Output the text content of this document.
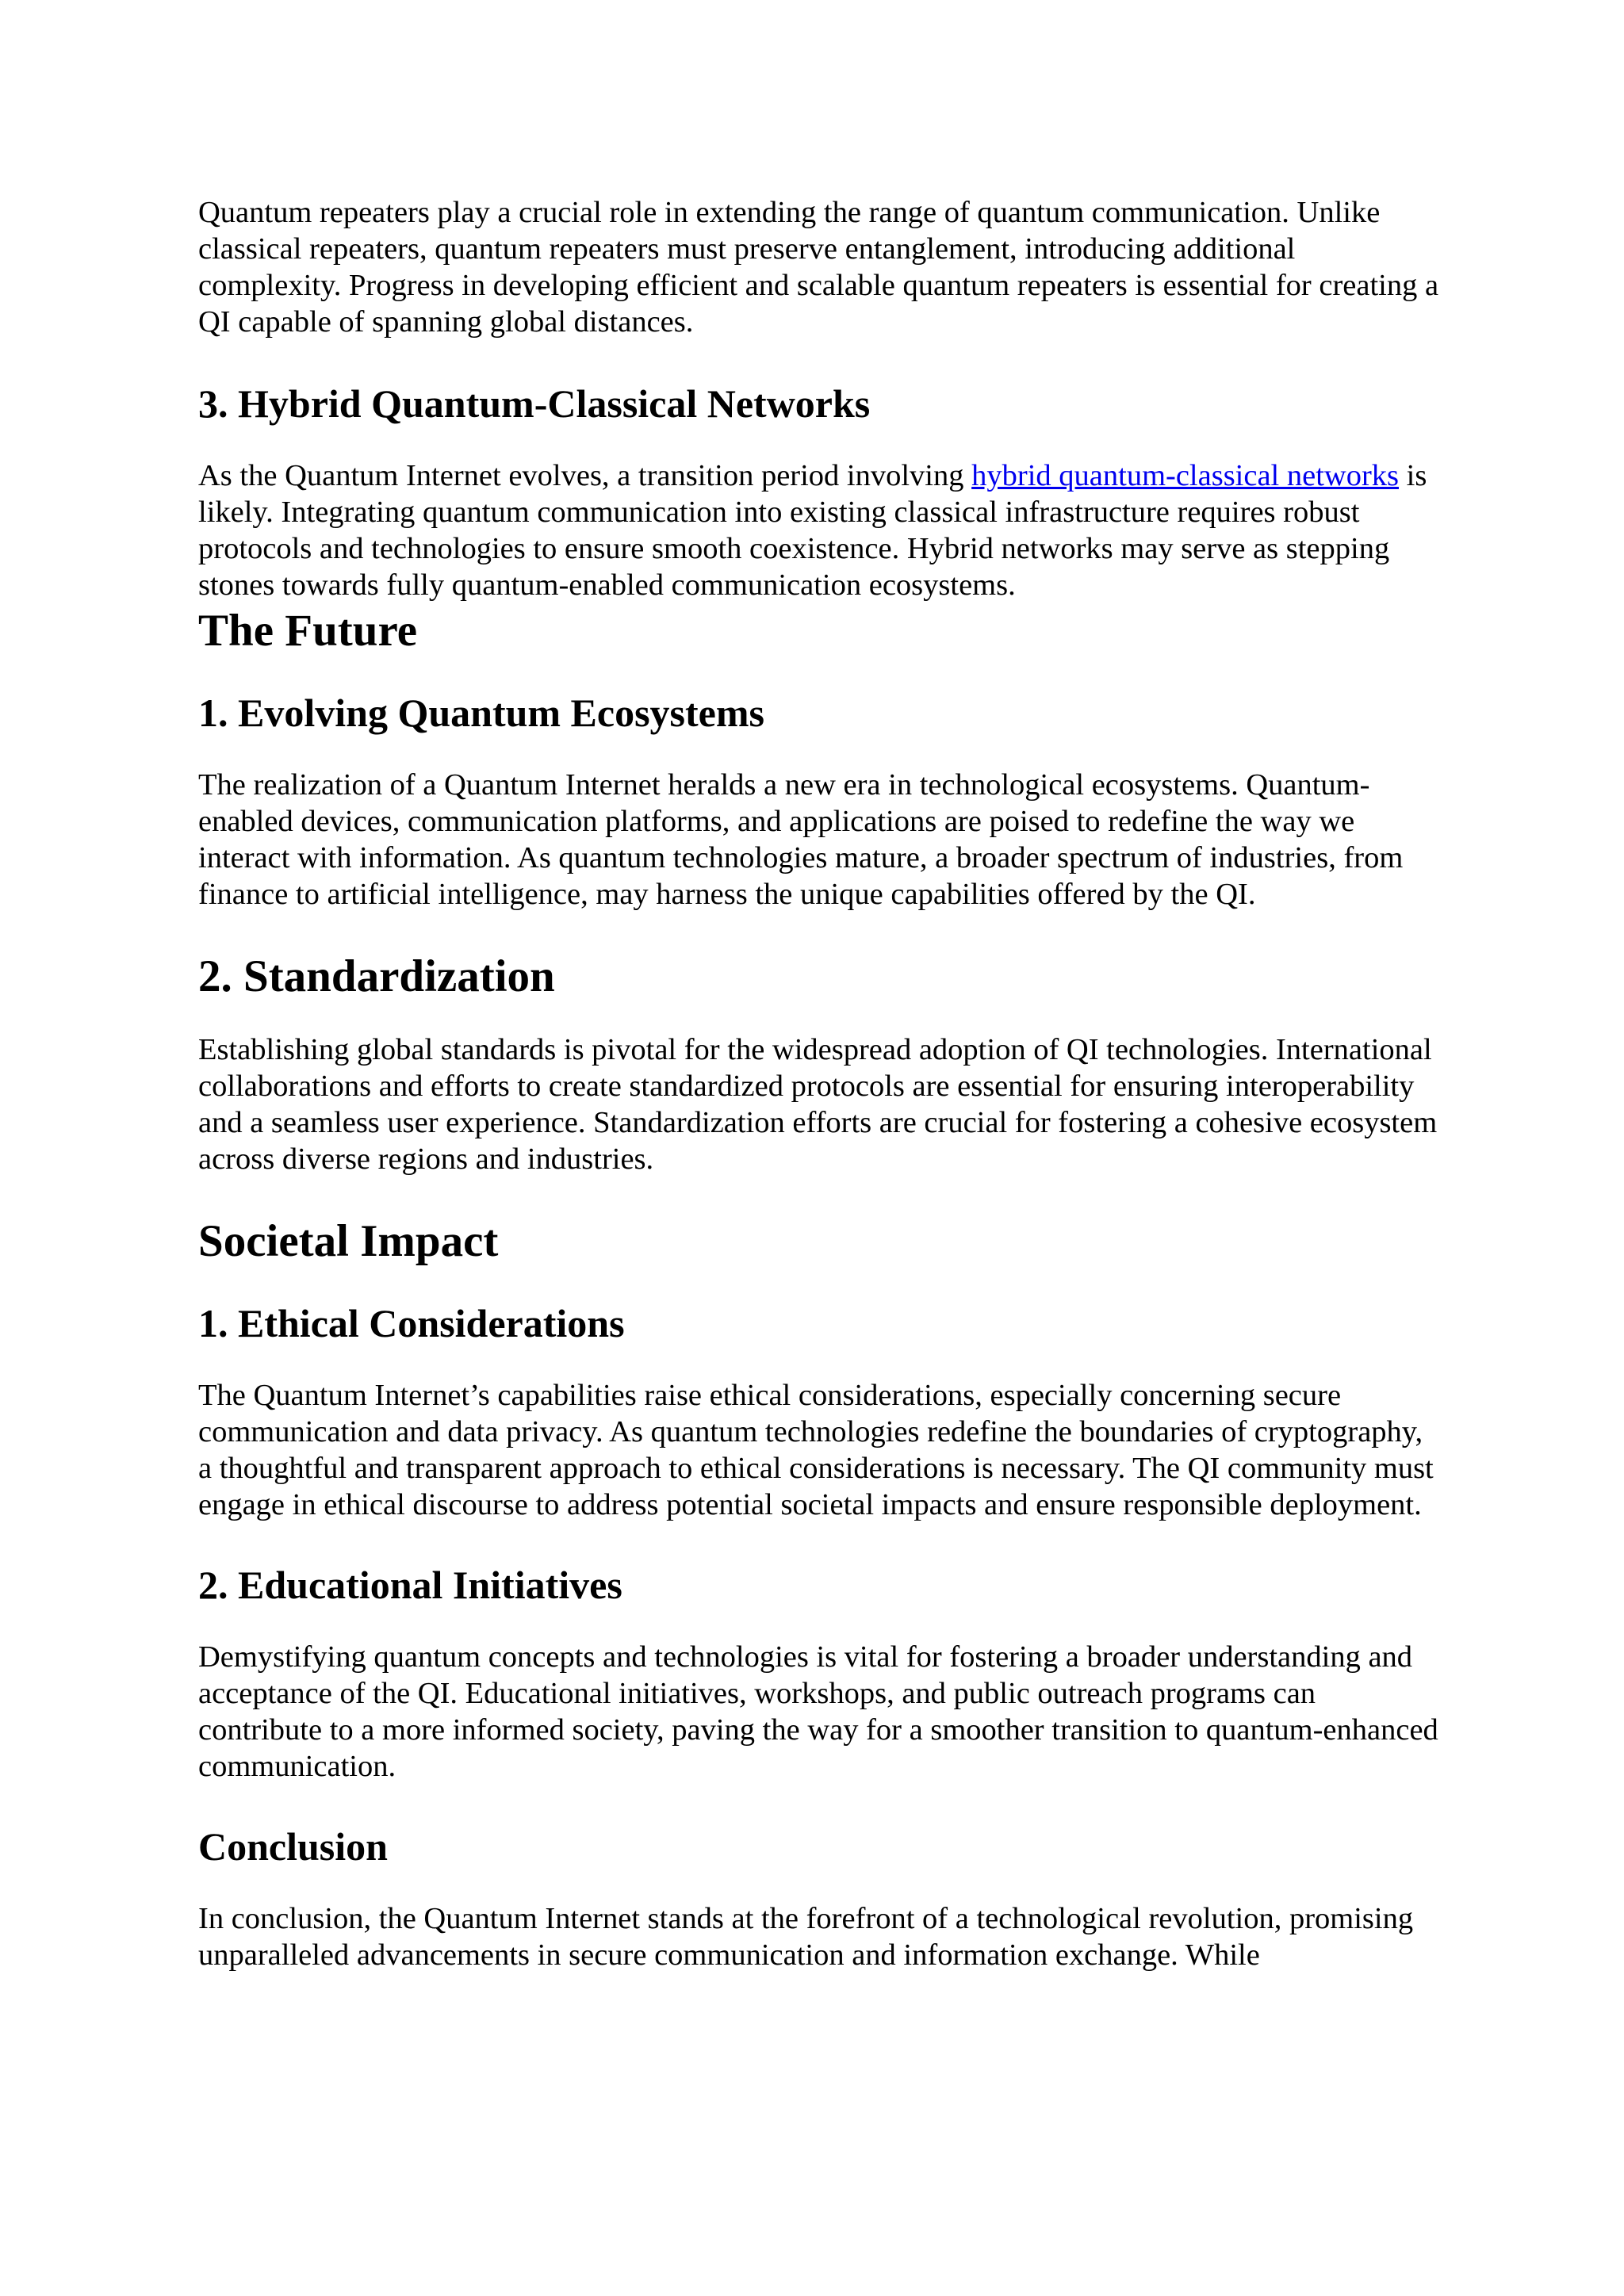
Quantum repeaters play a crucial role in extending the range of quantum communication. Unlike classical repeaters, quantum repeaters must preserve entanglement, introducing additional complexity. Progress in developing efficient and scalable quantum repeaters is essential for creating a QI capable of spanning global distances.

3. Hybrid Quantum-Classical Networks

As the Quantum Internet evolves, a transition period involving hybrid quantum-classical networks is likely. Integrating quantum communication into existing classical infrastructure requires robust protocols and technologies to ensure smooth coexistence. Hybrid networks may serve as stepping stones towards fully quantum-enabled communication ecosystems.

The Future
1. Evolving Quantum Ecosystems

The realization of a Quantum Internet heralds a new era in technological ecosystems. Quantum-enabled devices, communication platforms, and applications are poised to redefine the way we interact with information. As quantum technologies mature, a broader spectrum of industries, from finance to artificial intelligence, may harness the unique capabilities offered by the QI.

2. Standardization

Establishing global standards is pivotal for the widespread adoption of QI technologies. International collaborations and efforts to create standardized protocols are essential for ensuring interoperability and a seamless user experience. Standardization efforts are crucial for fostering a cohesive ecosystem across diverse regions and industries.

Societal Impact
1. Ethical Considerations

The Quantum Internet’s capabilities raise ethical considerations, especially concerning secure communication and data privacy. As quantum technologies redefine the boundaries of cryptography, a thoughtful and transparent approach to ethical considerations is necessary. The QI community must engage in ethical discourse to address potential societal impacts and ensure responsible deployment.

2. Educational Initiatives

Demystifying quantum concepts and technologies is vital for fostering a broader understanding and acceptance of the QI. Educational initiatives, workshops, and public outreach programs can contribute to a more informed society, paving the way for a smoother transition to quantum-enhanced communication.

Conclusion

In conclusion, the Quantum Internet stands at the forefront of a technological revolution, promising unparalleled advancements in secure communication and information exchange. While
